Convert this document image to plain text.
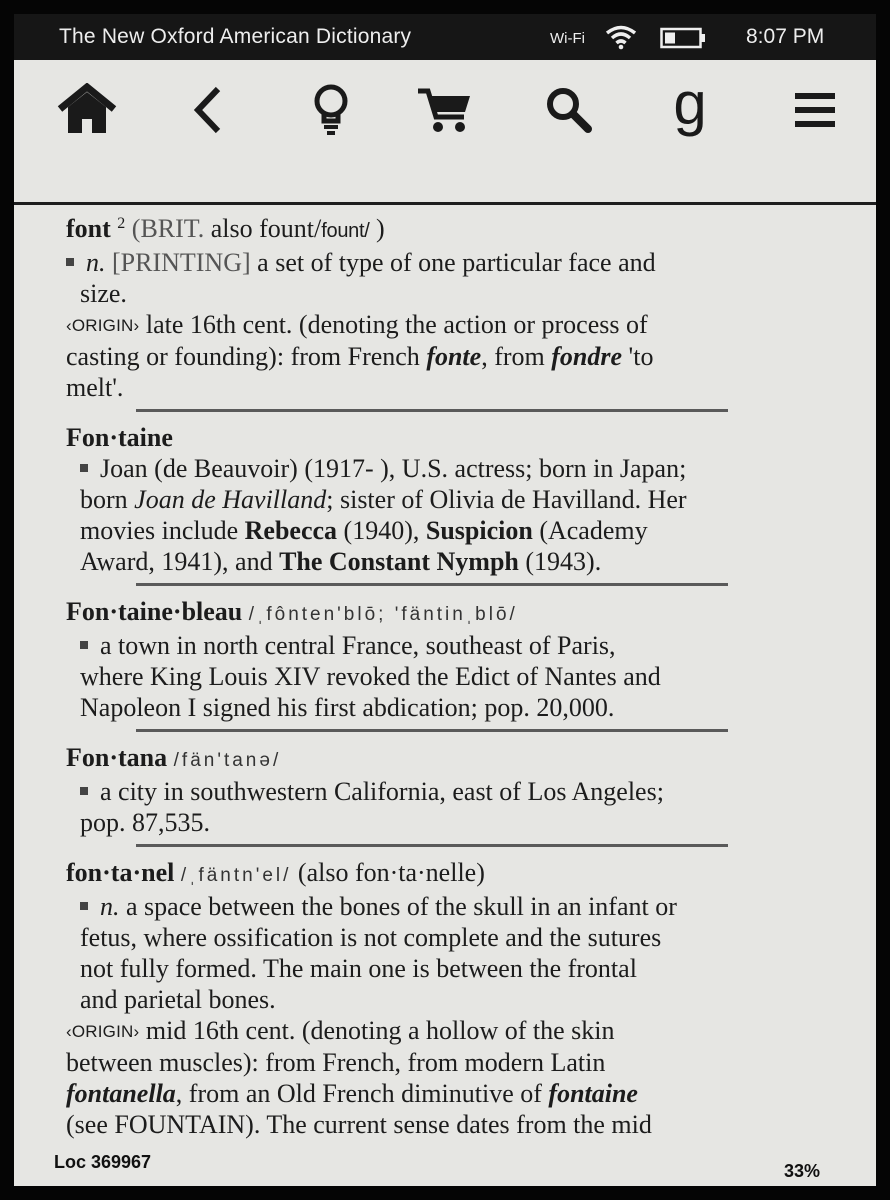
The New Oxford American Dictionary	Wi-Fi	8:07 PM
g

font $^2$ (BRIT. also fount/fount/ )

n. [PRINTING] a set of type of one particular face and

size.

‹ORIGIN› late 16th cent. (denoting the action or process of

casting or founding): from French fonte, from fondre 'to

melt'.

Fon·taine

Joan (de Beauvoir) (1917- ), U.S. actress; born in Japan;

born Joan de Havilland; sister of Olivia de Havilland. Her

movies include Rebecca (1940), Suspicion (Academy

Award, 1941), and The Constant Nymph (1943).

Fon·taine·bleau /ˌfônten'blō; 'fäntinˌblō/

a town in north central France, southeast of Paris,

where King Louis XIV revoked the Edict of Nantes and

Napoleon I signed his first abdication; pop. 20,000.

Fon·tana /fän'tanə/

a city in southwestern California, east of Los Angeles;

pop. 87,535.

fon·ta·nel /ˌfäntn'el/ (also fon·ta·nelle)

n. a space between the bones of the skull in an infant or

fetus, where ossification is not complete and the sutures

not fully formed. The main one is between the frontal

and parietal bones.

‹ORIGIN› mid 16th cent. (denoting a hollow of the skin

between muscles): from French, from modern Latin

fontanella, from an Old French diminutive of fontaine

(see FOUNTAIN). The current sense dates from the mid

Loc 369967	33%
